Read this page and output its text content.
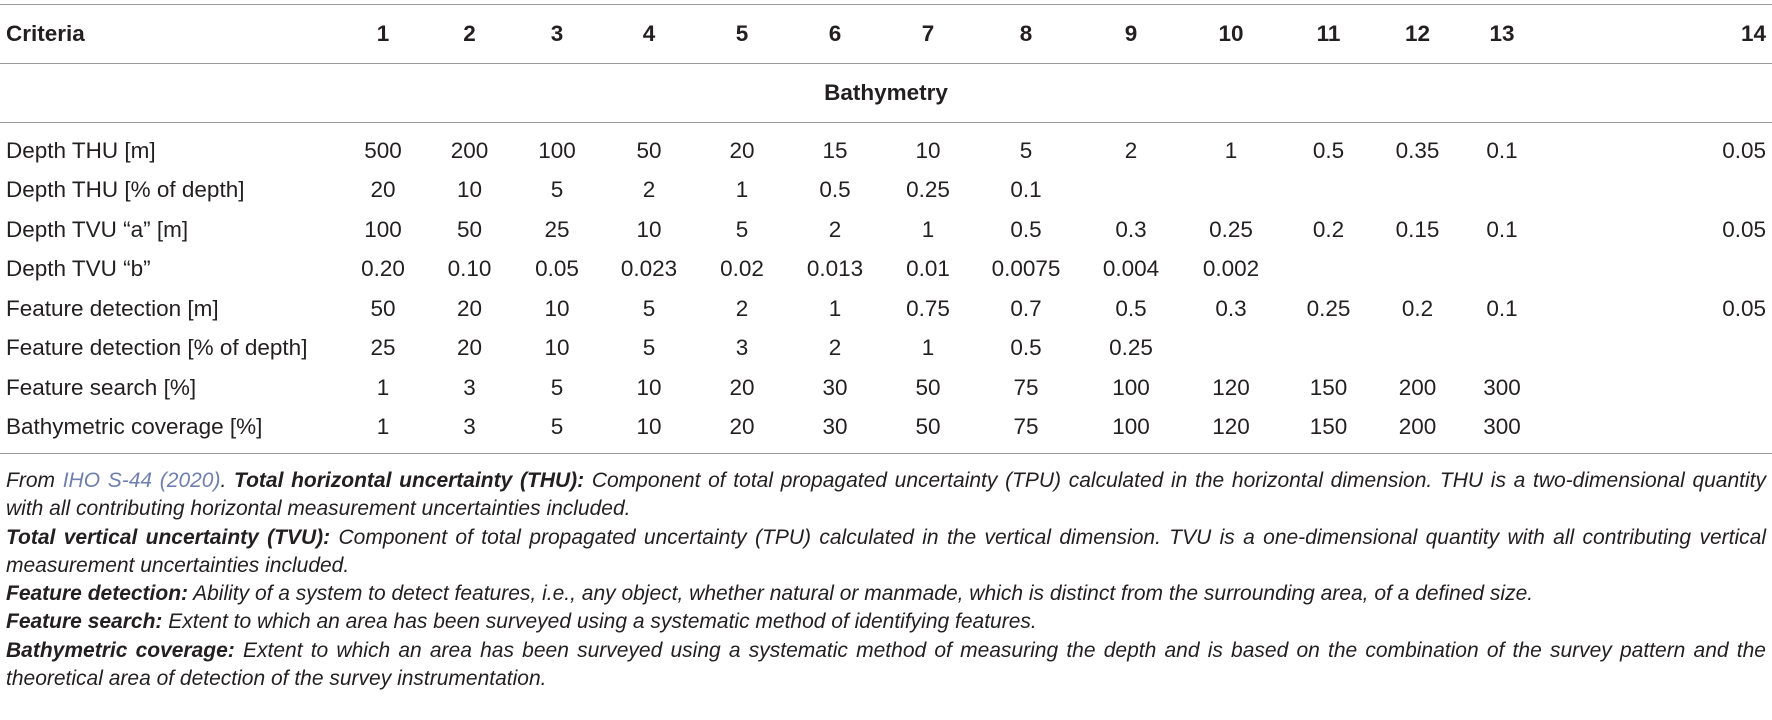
Criteria	1	2	3	4	5	6	7	8	9	10	11	12	13	14
Bathymetry														
Depth THU [m]	500	200	100	50	20	15	10	5	2	1	0.5	0.35	0.1	0.05
Depth THU [% of depth]	20	10	5	2	1	0.5	0.25	0.1						
Depth TVU “a” [m]	100	50	25	10	5	2	1	0.5	0.3	0.25	0.2	0.15	0.1	0.05
Depth TVU “b”	0.20	0.10	0.05	0.023	0.02	0.013	0.01	0.0075	0.004	0.002				
Feature detection [m]	50	20	10	5	2	1	0.75	0.7	0.5	0.3	0.25	0.2	0.1	0.05
Feature detection [% of depth]	25	20	10	5	3	2	1	0.5	0.25					
Feature search [%]	1	3	5	10	20	30	50	75	100	120	150	200	300	
Bathymetric coverage [%]	1	3	5	10	20	30	50	75	100	120	150	200	300	

From IHO S-44 (2020). Total horizontal uncertainty (THU): Component of total propagated uncertainty (TPU) calculated in the horizontal dimension. THU is a two-dimensional quantity with all contributing horizontal measurement uncertainties included.

Total vertical uncertainty (TVU): Component of total propagated uncertainty (TPU) calculated in the vertical dimension. TVU is a one-dimensional quantity with all contributing vertical measurement uncertainties included.

Feature detection: Ability of a system to detect features, i.e., any object, whether natural or manmade, which is distinct from the surrounding area, of a defined size.

Feature search: Extent to which an area has been surveyed using a systematic method of identifying features.

Bathymetric coverage: Extent to which an area has been surveyed using a systematic method of measuring the depth and is based on the combination of the survey pattern and the theoretical area of detection of the survey instrumentation.
